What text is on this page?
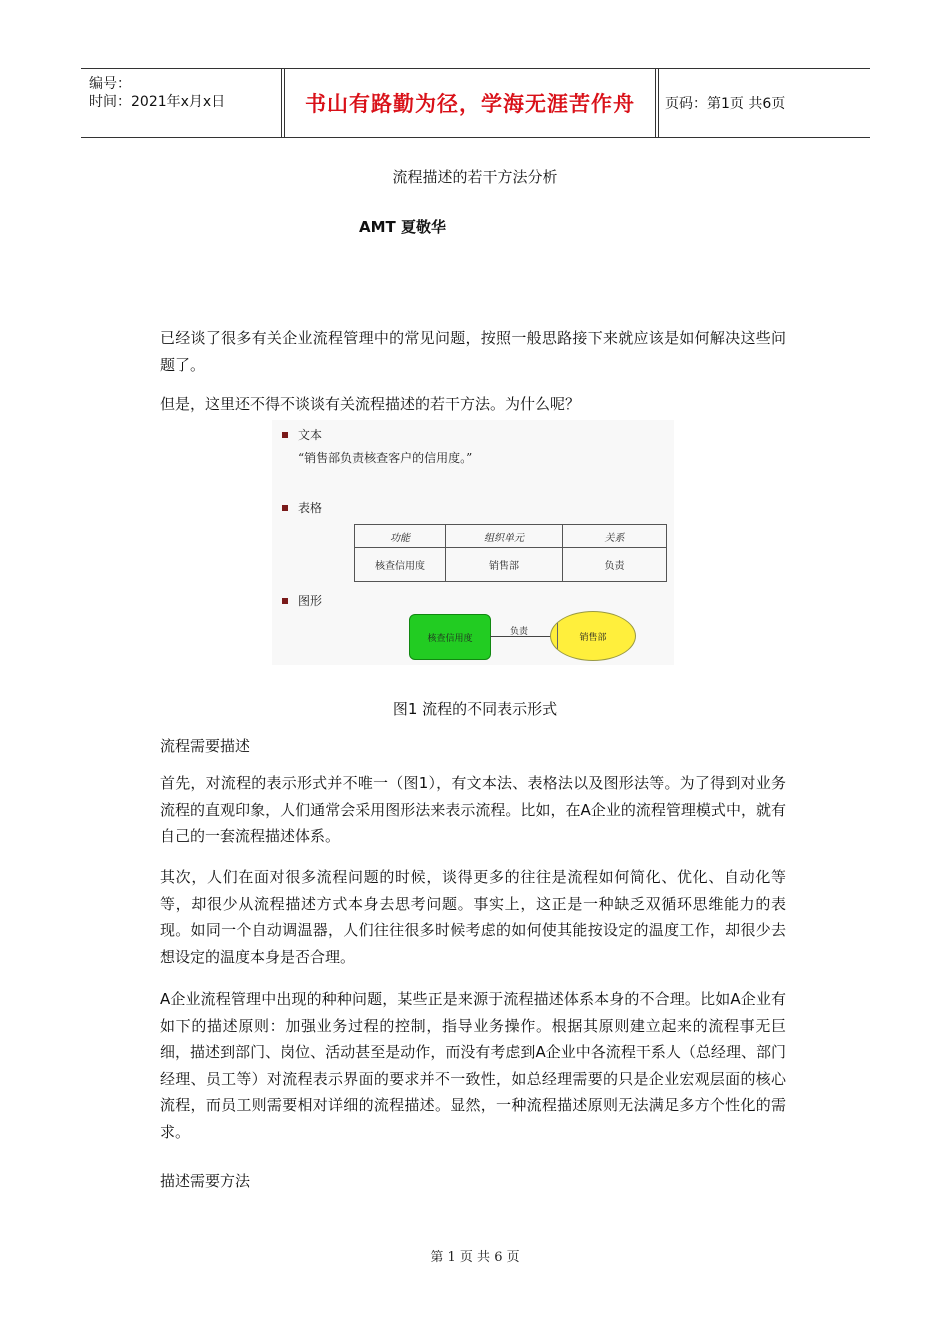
编号：
时间：2021年x月x日	书山有路勤为径，学海无涯苦作舟	页码：第1页 共6页
流程描述的若干方法分析
AMT 夏敬华

已经谈了很多有关企业流程管理中的常见问题，按照一般思路接下来就应该是如何解决这些问题了。

但是，这里还不得不谈谈有关流程描述的若干方法。为什么呢？

文本
“销售部负责核查客户的信用度。”
表格
功能	组织单元	关系
核查信用度	销售部	负责
图形
核查信用度
负责
销售部
图1 流程的不同表示形式
流程需要描述

首先，对流程的表示形式并不唯一（图1），有文本法、表格法以及图形法等。为了得到对业务流程的直观印象，人们通常会采用图形法来表示流程。比如，在A企业的流程管理模式中，就有自己的一套流程描述体系。

其次，人们在面对很多流程问题的时候，谈得更多的往往是流程如何简化、优化、自动化等等，却很少从流程描述方式本身去思考问题。事实上，这正是一种缺乏双循环思维能力的表现。如同一个自动调温器，人们往往很多时候考虑的如何使其能按设定的温度工作，却很少去想设定的温度本身是否合理。

A企业流程管理中出现的种种问题，某些正是来源于流程描述体系本身的不合理。比如A企业有如下的描述原则：加强业务过程的控制，指导业务操作。根据其原则建立起来的流程事无巨细，描述到部门、岗位、活动甚至是动作，而没有考虑到A企业中各流程干系人（总经理、部门经理、员工等）对流程表示界面的要求并不一致性，如总经理需要的只是企业宏观层面的核心流程，而员工则需要相对详细的流程描述。显然，一种流程描述原则无法满足多方个性化的需求。

描述需要方法
第 1 页 共 6 页
